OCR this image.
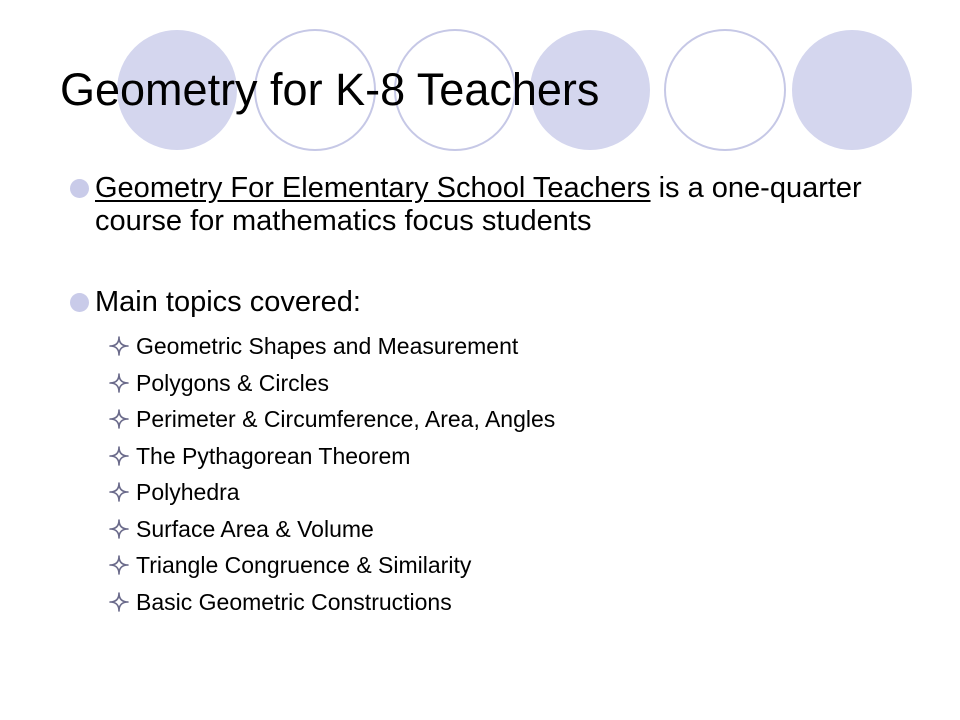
Geometry for K-8 Teachers
Geometry For Elementary School Teachers is a one-quarter course for mathematics focus students
Main topics covered:
Geometric Shapes and Measurement
Polygons & Circles
Perimeter & Circumference, Area, Angles
The Pythagorean Theorem
Polyhedra
Surface Area & Volume
Triangle Congruence & Similarity
Basic Geometric Constructions
